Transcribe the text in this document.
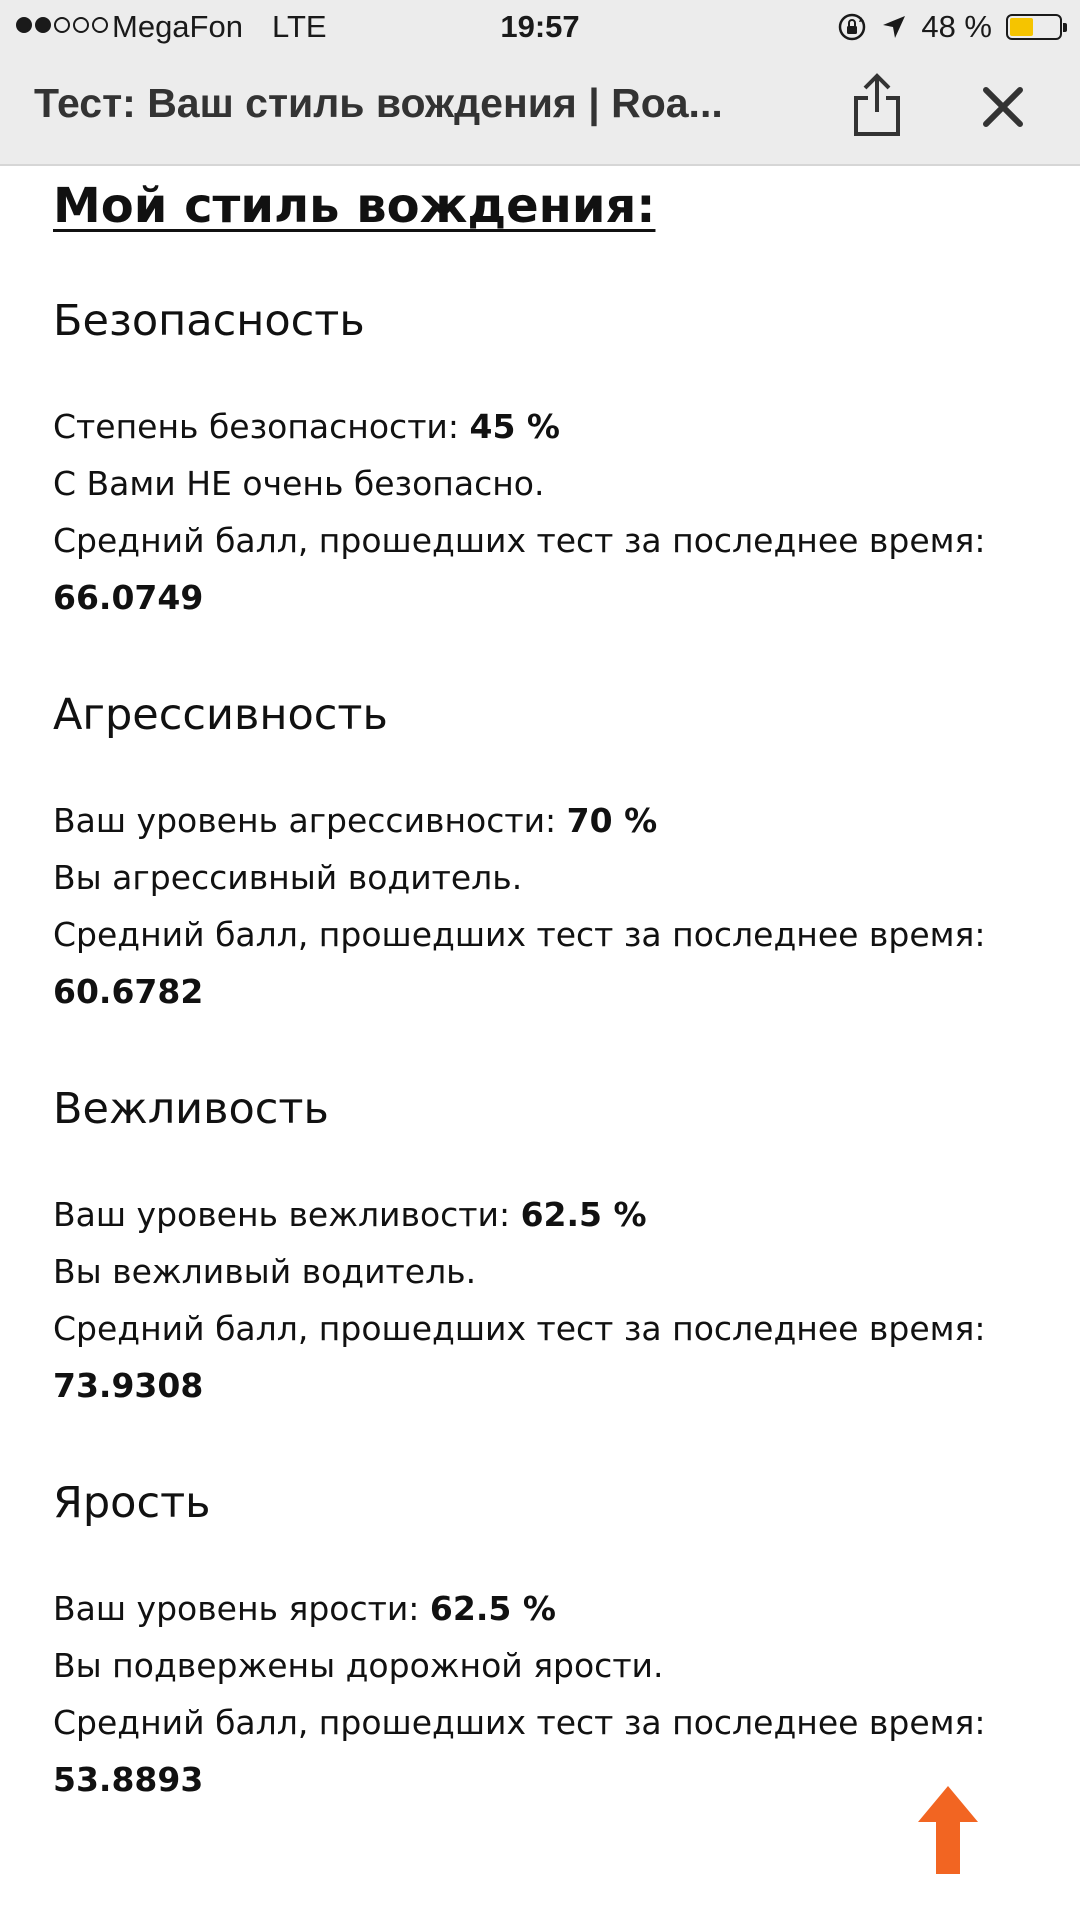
MegaFon LTE	19:57	48 %
Тест: Ваш стиль вождения | Roa...
Мой стиль вождения:
Безопасность
Степень безопасности: 45 %
С Вами НЕ очень безопасно.
Средний балл, прошедших тест за последнее время:
66.0749
Агрессивность
Ваш уровень агрессивности: 70 %
Вы агрессивный водитель.
Средний балл, прошедших тест за последнее время:
60.6782
Вежливость
Ваш уровень вежливости: 62.5 %
Вы вежливый водитель.
Средний балл, прошедших тест за последнее время:
73.9308
Ярость
Ваш уровень ярости: 62.5 %
Вы подвержены дорожной ярости.
Средний балл, прошедших тест за последнее время:
53.8893
